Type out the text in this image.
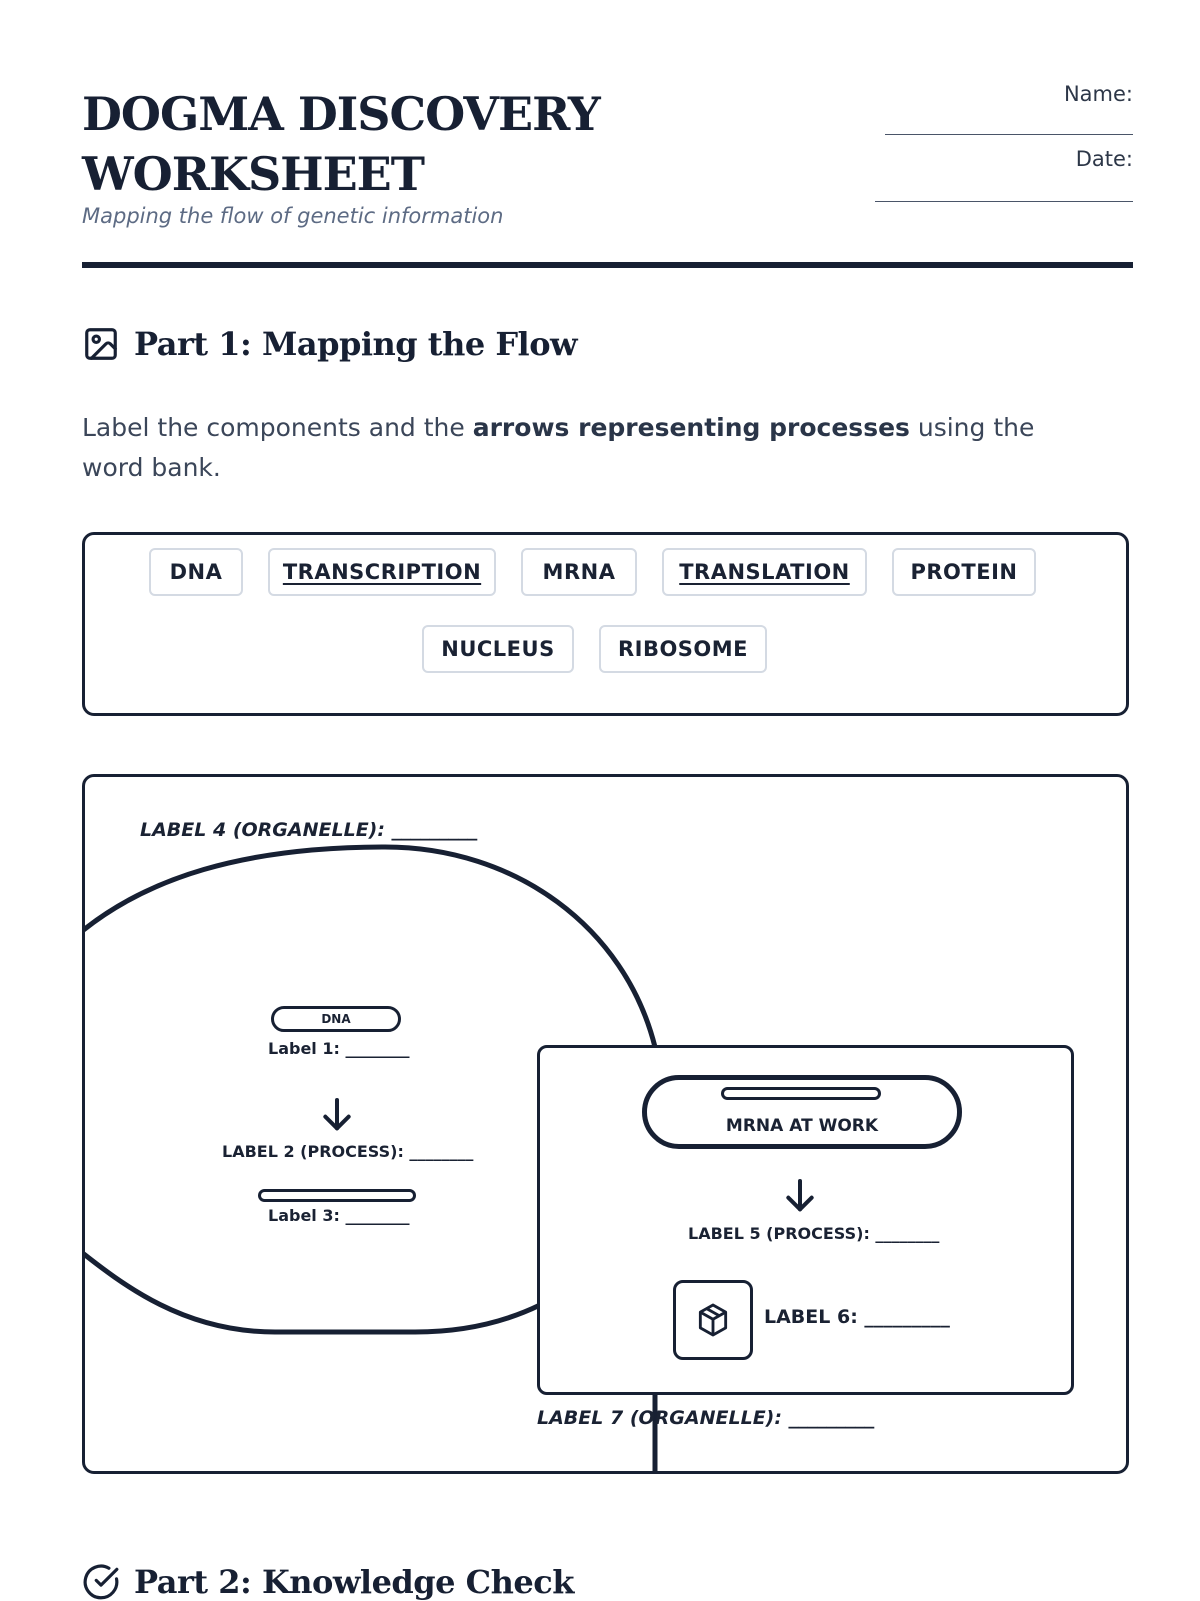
DOGMA DISCOVERY
WORKSHEET
Mapping the flow of genetic information
Name:
Date:
Part 1: Mapping the Flow

Label the components and the arrows representing processes using the word bank.

DNA	TRANSCRIPTION	MRNA	TRANSLATION	PROTEIN
NUCLEUS	RIBOSOME
LABEL 4 (ORGANELLE): _________
DNA
Label 1: ________
LABEL 2 (PROCESS): ________
Label 3: ________
MRNA AT WORK
LABEL 5 (PROCESS): ________
LABEL 6: _________
LABEL 7 (ORGANELLE): _________
Part 2: Knowledge Check
